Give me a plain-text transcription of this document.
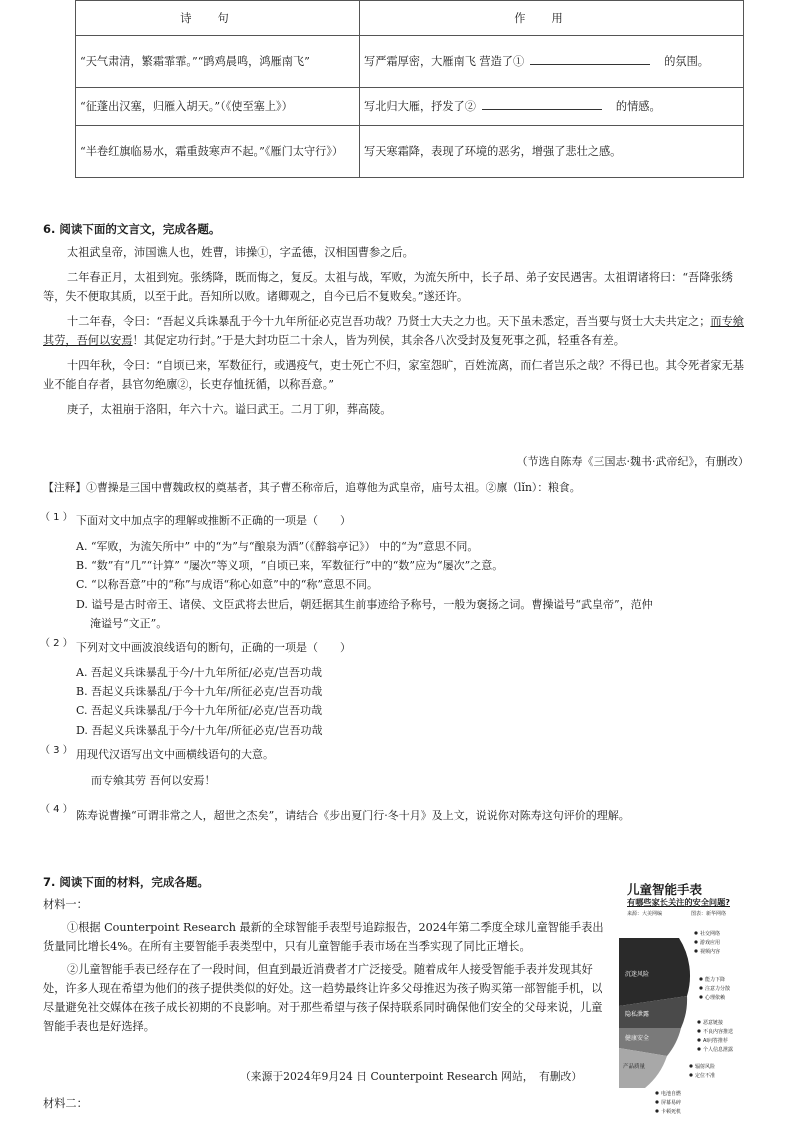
诗句	作用
“天气肃清，繁霜霏霏。”“鹍鸡晨鸣，鸿雁南飞”	写严霜厚密，大雁南飞 营造了① 的氛围。
“征蓬出汉塞，归雁入胡天。”（《使至塞上》）	写北归大雁，抒发了② 的情感。
“半卷红旗临易水，霜重鼓寒声不起。”《雁门太守行》）	写天寒霜降，表现了环境的恶劣，增强了悲壮之感。
6. 阅读下面的文言文，完成各题。
太祖武皇帝，沛国谯人也，姓曹，讳操①，字孟德，汉相国曹参之后。
二年春正月，太祖到宛。张绣降，既而悔之，复反。太祖与战，军败，为流矢所中，长子昂、弟子安民遇害。太祖谓诸将曰：“吾降张绣等，失不便取其质，以至于此。吾知所以败。诸卿观之，自今已后不复败矣。”遂还许。
十二年春，令曰：“吾起义兵诛暴乱于今十九年所征必克岂吾功哉？乃贤士大夫之力也。天下虽未悉定，吾当要与贤士大夫共定之；而专飨其劳，吾何以安焉！其促定功行封。”于是大封功臣二十余人，皆为列侯，其余各八次受封及复死事之孤，轻重各有差。
十四年秋，令曰：“自顷已来，军数征行，或遇疫气，吏士死亡不归，家室怨旷，百姓流离，而仁者岂乐之哉？不得已也。其令死者家无基业不能自存者，县官勿绝廪②，长吏存恤抚循，以称吾意。”
庚子，太祖崩于洛阳，年六十六。谥曰武王。二月丁卯，葬高陵。
（节选自陈寿《三国志·魏书·武帝纪》，有删改）
【注释】①曹操是三国中曹魏政权的奠基者，其子曹丕称帝后，追尊他为武皇帝，庙号太祖。②廪（lǐn）：粮食。
（ 1 ） 下面对文中加点字的理解或推断不正确的一项是（　　）
A. “军败，为流矢所中” 中的“为”与“酿泉为酒”（《醉翁亭记》） 中的“为”意思不同。
B. “数”有“几”“计算” “屡次”等义项，“自顷已来，军数征行”中的“数”应为“屡次”之意。
C. “以称吾意”中的“称”与成语“称心如意”中的“称”意思不同。
D. 谥号是古时帝王、诸侯、文臣武将去世后，朝廷据其生前事迹给予称号，一般为褒扬之词。曹操谥号“武皇帝”，范仲
淹谥号“文正”。
（ 2 ） 下列对文中画波浪线语句的断句，正确的一项是（　　）
A. 吾起义兵诛暴乱于今/十九年所征/必克/岂吾功哉
B. 吾起义兵诛暴乱/于今十九年/所征必克/岂吾功哉
C. 吾起义兵诛暴乱/于今十九年所征/必克/岂吾功哉
D. 吾起义兵诛暴乱于今/十九年/所征必克/岂吾功哉
（ 3 ） 用现代汉语写出文中画横线语句的大意。
而专飨其劳 吾何以安焉！
（ 4 ） 陈寿说曹操“可谓非常之人，超世之杰矣”，请结合《步出夏门行·冬十月》及上文，说说你对陈寿这句评价的理解。
7. 阅读下面的材料，完成各题。
材料一：
①根据 Counterpoint Research 最新的全球智能手表型号追踪报告，2024年第二季度全球儿童智能手表出货量同比增长4%。在所有主要智能手表类型中，只有儿童智能手表市场在当季实现了同比正增长。
②儿童智能手表已经存在了一段时间，但直到最近消费者才广泛接受。随着成年人接受智能手表并发现其好处，许多人现在希望为他们的孩子提供类似的好处。这一趋势最终让许多父母推迟为孩子购买第一部智能手机，以尽量避免社交媒体在孩子成长初期的不良影响。对于那些希望与孩子保持联系同时确保他们安全的父母来说，儿童智能手表也是好选择。
（来源于2024年9月24 日 Counterpoint Research 网站，　有删改）
材料二：
儿童智能手表
有哪些家长关注的安全问题?
来源：大美网编	图表：新华网络
沉迷风险
隐私泄露
健康安全
产品质量
社交网络
游戏应用
视频内容
能力下降
注意力分散
心理依赖
恶意链接
不良内容推送
AI问答推荐
个人信息泄露
辐射风险
定位不准
电池自燃
屏幕易碎
卡顿死机
